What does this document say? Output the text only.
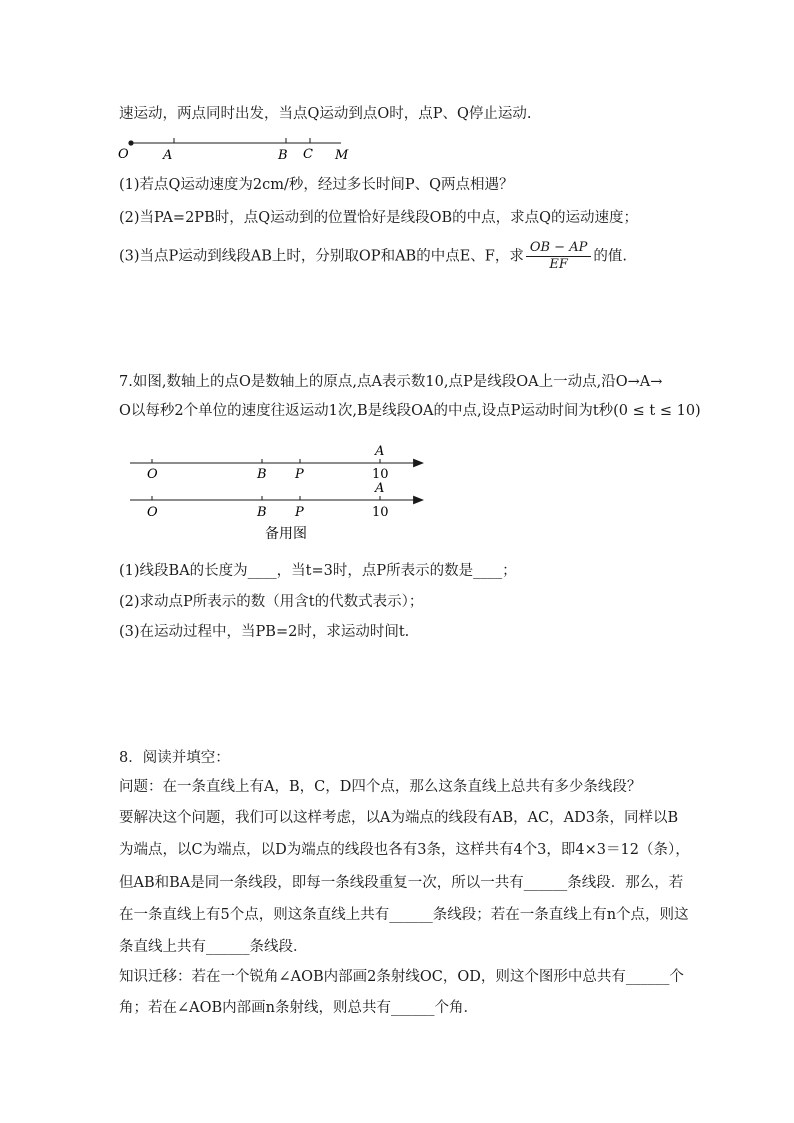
速运动，两点同时出发，当点Q运动到点O时，点P、Q停止运动.
O	A	B C M
(1)若点Q运动速度为2cm/秒，经过多长时间P、Q两点相遇？
(2)当PA=2PB时，点Q运动到的位置恰好是线段OB的中点，求点Q的运动速度；
(3)当点P运动到线段AB上时，分别取OP和AB的中点E、F，求 $\frac{OB - AP}{EF}$ 的值.
7.如图,数轴上的点O是数轴上的原点,点A表示数10,点P是线段OA上一动点,沿O→A→
O以每秒2个单位的速度往返运动1次,B是线段OA的中点,设点P运动时间为t秒(0 ≤ t ≤ 10)
A
O	B P	10
A
O	B P	10
备用图
(1)线段BA的长度为____，当t=3时，点P所表示的数是____；
(2)求动点P所表示的数（用含t的代数式表示）；
(3)在运动过程中，当PB=2时，求运动时间t.
8．阅读并填空：
问题：在一条直线上有A，B，C，D四个点，那么这条直线上总共有多少条线段？
要解决这个问题，我们可以这样考虑，以A为端点的线段有AB，AC，AD3条，同样以B
为端点，以C为端点，以D为端点的线段也各有3条，这样共有4个3，即4×3＝12（条），
但AB和BA是同一条线段，即每一条线段重复一次，所以一共有______条线段．那么，若
在一条直线上有5个点，则这条直线上共有______条线段；若在一条直线上有n个点，则这
条直线上共有______条线段．
知识迁移：若在一个锐角∠AOB内部画2条射线OC，OD，则这个图形中总共有______个
角；若在∠AOB内部画n条射线，则总共有______个角．
